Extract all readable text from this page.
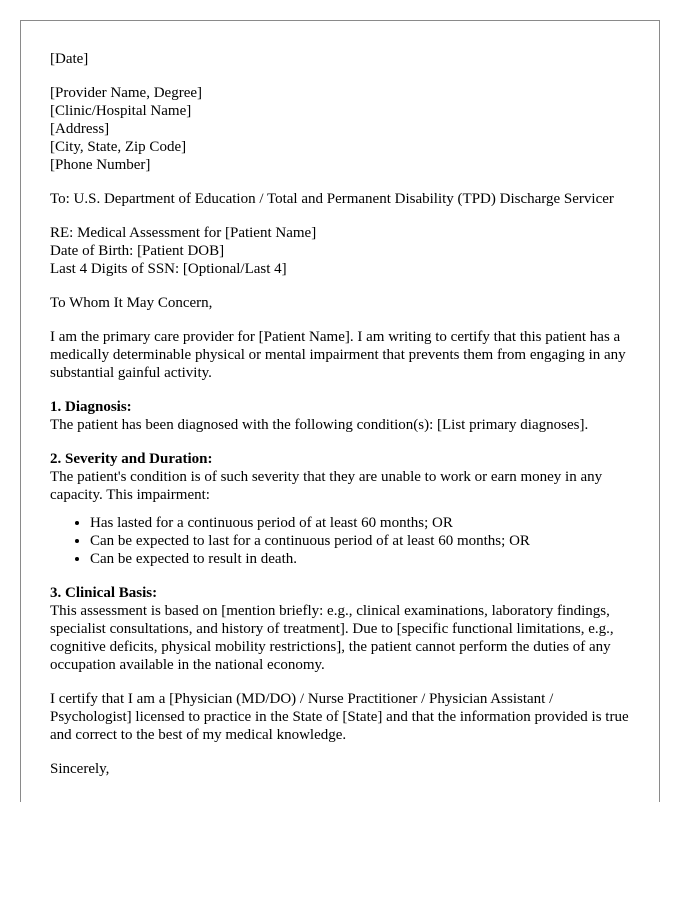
[Date]
[Provider Name, Degree]
[Clinic/Hospital Name]
[Address]
[City, State, Zip Code]
[Phone Number]

To: U.S. Department of Education / Total and Permanent Disability (TPD) Discharge Servicer

RE: Medical Assessment for [Patient Name]
Date of Birth: [Patient DOB]
Last 4 Digits of SSN: [Optional/Last 4]

To Whom It May Concern,

I am the primary care provider for [Patient Name]. I am writing to certify that this patient has a medically determinable physical or mental impairment that prevents them from engaging in any substantial gainful activity.

1. Diagnosis:

The patient has been diagnosed with the following condition(s): [List primary diagnoses].

2. Severity and Duration:

The patient's condition is of such severity that they are unable to work or earn money in any capacity. This impairment:

• Has lasted for a continuous period of at least 60 months; OR
• Can be expected to last for a continuous period of at least 60 months; OR
• Can be expected to result in death.
3. Clinical Basis:

This assessment is based on [mention briefly: e.g., clinical examinations, laboratory findings, specialist consultations, and history of treatment]. Due to [specific functional limitations, e.g., cognitive deficits, physical mobility restrictions], the patient cannot perform the duties of any occupation available in the national economy.

I certify that I am a [Physician (MD/DO) / Nurse Practitioner / Physician Assistant / Psychologist] licensed to practice in the State of [State] and that the information provided is true and correct to the best of my medical knowledge.

Sincerely,
